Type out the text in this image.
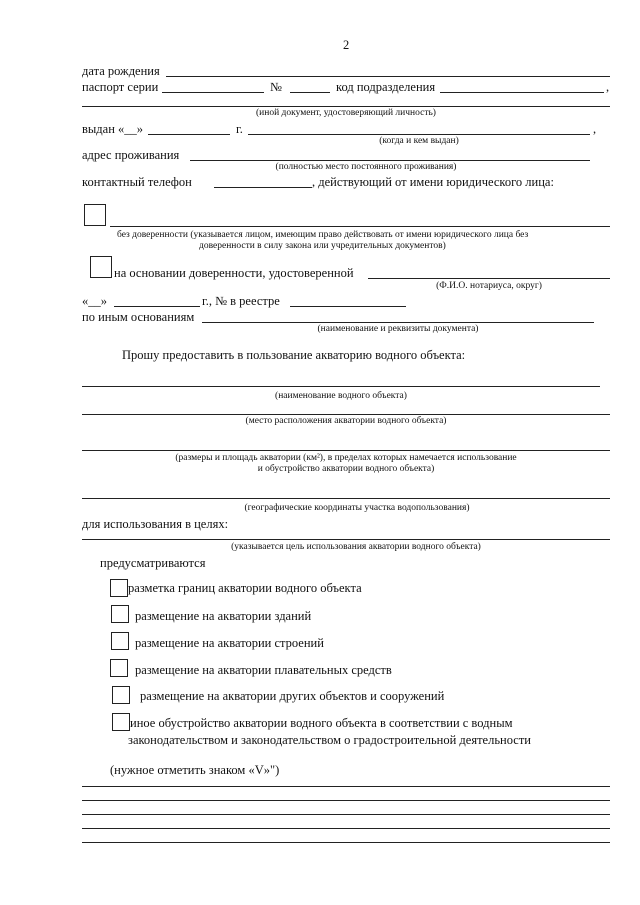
2
дата рождения
паспорт серии	№	код подразделения	,
(иной документ, удостоверяющий личность)
выдан «__»	г.	,
(когда и кем выдан)
адрес проживания
(полностью место постоянного проживания)
контактный телефон	, действующий от имени юридического лица:
без доверенности (указывается лицом, имеющим право действовать от имени юридического лица без
доверенности в силу закона или учредительных документов)
на основании доверенности, удостоверенной
(Ф.И.О. нотариуса, округ)
«__»	г., № в реестре
по иным основаниям
(наименование и реквизиты документа)
Прошу предоставить в пользование акваторию водного объекта:
(наименование водного объекта)
(место расположения акватории водного объекта)
(размеры и площадь акватории (км²), в пределах которых намечается использование
и обустройство акватории водного объекта)
(географические координаты участка водопользования)
для использования в целях:
(указывается цель использования акватории водного объекта)
предусматриваются
разметка границ акватории водного объекта
размещение на акватории зданий
размещение на акватории строений
размещение на акватории плавательных средств
размещение на акватории других объектов и сооружений
иное обустройство акватории водного объекта в соответствии с водным
законодательством и законодательством о градостроительной деятельности
(нужное отметить знаком «V»")
